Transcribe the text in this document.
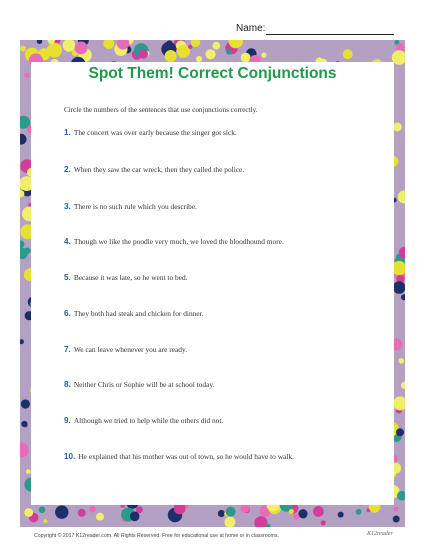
Name:
Spot Them! Correct Conjunctions
Circle the numbers of the sentences that use conjunctions correctly.
1. The concert was over early because the singer got sick.
2. When they saw the car wreck, then they called the police.
3. There is no such rule which you describe.
4. Though we like the poodle very much, we loved the bloodhound more.
5. Because it was late, so he went to bed.
6. They both had steak and chicken for dinner.
7. We can leave whenever you are ready.
8. Neither Chris or Sophie will be at school today.
9. Although we tried to help while the others did not.
10. He explained that his mother was out of town, so he would have to walk.
Copyright © 2017 K12reader.com. All Rights Reserved. Free for educational use at home or in classrooms.	K12reader
